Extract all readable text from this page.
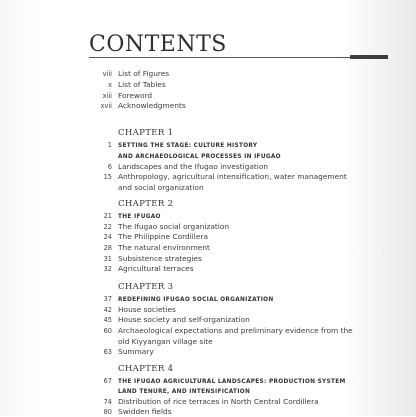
CONTENTS
viii List of Figures
x List of Tables
xiii Foreword
xvii Acknowledgments
CHAPTER 1
1 SETTING THE STAGE: CULTURE HISTORY
AND ARCHAEOLOGICAL PROCESSES IN IFUGAO
6 Landscapes and the Ifugao investigation
15 Anthropology, agricultural intensification, water management
and social organization
CHAPTER 2
21 THE IFUGAO
22 The Ifugao social organization
24 The Philippine Cordillera
28 The natural environment
31 Subsistence strategies
32 Agricultural terraces
CHAPTER 3
37 REDEFINING IFUGAO SOCIAL ORGANIZATION
42 House societies
45 House society and self-organization
60 Archaeological expectations and preliminary evidence from the
old Kiyyangan village site
63 Summary
CHAPTER 4
67 THE IFUGAO AGRICULTURAL LANDSCAPES: PRODUCTION SYSTEM
LAND TENURE, AND INTENSIFICATION
74 Distribution of rice terraces in North Central Cordillera
80 Swidden fields
